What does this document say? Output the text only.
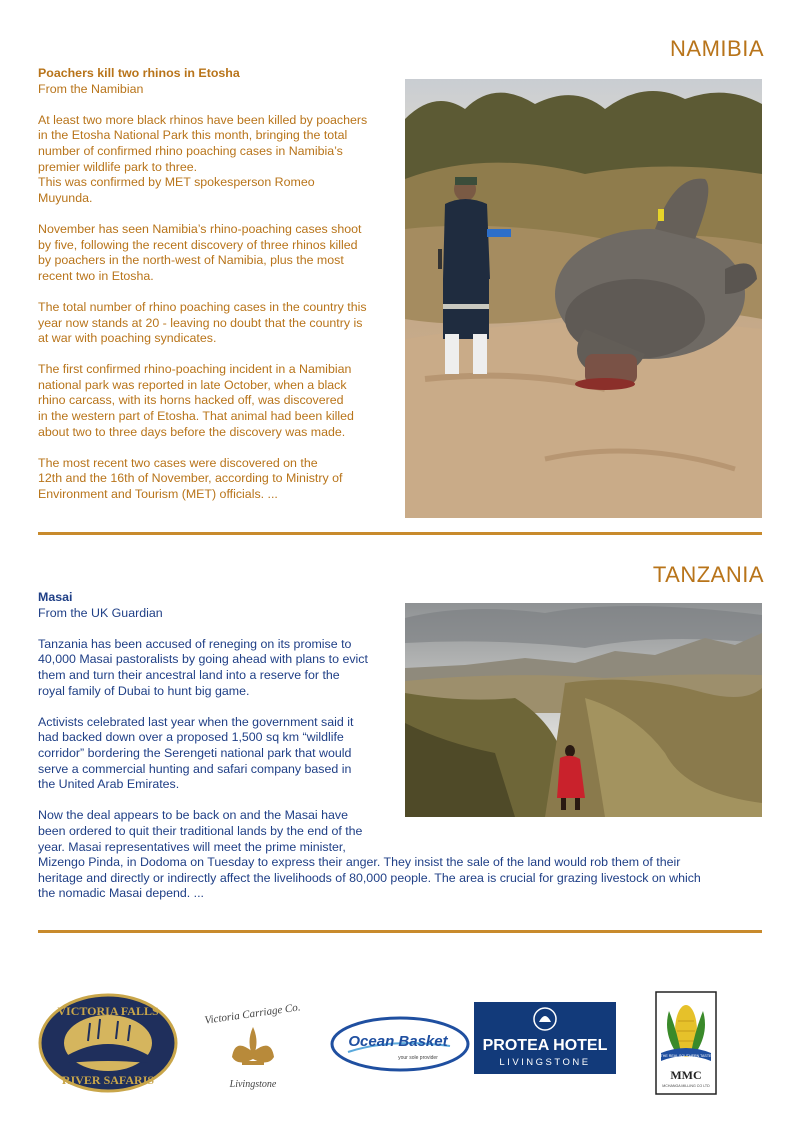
NAMIBIA
Poachers kill two rhinos in Etosha
From the Namibian
At least two more black rhinos have been killed by poachers
in the Etosha National Park this month, bringing the total
number of confirmed rhino poaching cases in Namibia’s
premier wildlife park to three.
This was confirmed by MET spokesperson Romeo
Muyunda.
November has seen Namibia’s rhino-poaching cases shoot
by five, following the recent discovery of three rhinos killed
by poachers in the north-west of Namibia, plus the most
recent two in Etosha.
The total number of rhino poaching cases in the country this
year now stands at 20 - leaving no doubt that the country is
at war with poaching syndicates.
The first confirmed rhino-poaching incident in a Namibian
national park was reported in late October, when a black
rhino carcass, with its horns hacked off, was discovered
in the western part of Etosha. That animal had been killed
about two to three days before the discovery was made.
The most recent two cases were discovered on the
12th and the 16th of November, according to Ministry of
Environment and Tourism (MET) officials. ...
TANZANIA
Masai
From the UK Guardian
Tanzania has been accused of reneging on its promise to
40,000 Masai pastoralists by going ahead with plans to evict
them and turn their ancestral land into a reserve for the
royal family of Dubai to hunt big game.
Activists celebrated last year when the government said it
had backed down over a proposed 1,500 sq km “wildlife
corridor” bordering the Serengeti national park that would
serve a commercial hunting and safari company based in
the United Arab Emirates.
Now the deal appears to be back on and the Masai have
been ordered to quit their traditional lands by the end of the
year. Masai representatives will meet the prime minister,
Mizengo Pinda, in Dodoma on Tuesday to express their anger. They insist the sale of the land would rob them of their
heritage and directly or indirectly affect the livelihoods of 80,000 people. The area is crucial for grazing livestock on which
the nomadic Masai depend. ...
VICTORIA FALLS
RIVER SAFARIS
Victoria Carriage Co.
Livingstone
Ocean Basket
your sole provider
PROTEA HOTEL
LIVINGSTONE
THE REAL SOUTHERN TASTE
MMC
MCHANGA MILLING CO LTD
